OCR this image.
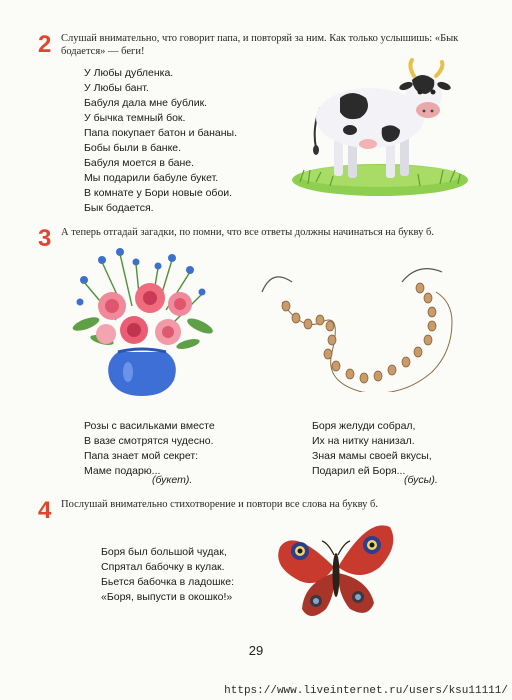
2 Слушай внимательно, что говорит папа, и повторяй за ним. Как только услышишь: «Бык бодается» — беги!
У Любы дубленка.
У Любы бант.
Бабуля дала мне бублик.
У бычка темный бок.
Папа покупает батон и бананы.
Бобы были в банке.
Бабуля моется в бане.
Мы подарили бабуле букет.
В комнате у Бори новые обои.
Бык бодается.
3 А теперь отгадай загадки, по помни, что все ответы должны начинаться на букву б.
Розы с васильками вместе
В вазе смотрятся чудесно.
Папа знает мой секрет:
Маме подарю...
(букет).
Боря желуди собрал,
Их на нитку нанизал.
Зная мамы своей вкусы,
Подарил ей Боря...
(бусы).
4 Послушай внимательно стихотворение и повтори все слова на букву б.
Боря был большой чудак,
Спрятал бабочку в кулак.
Бьется бабочка в ладошке:
«Боря, выпусти в окошко!»
29
https://www.liveinternet.ru/users/ksu11111/
